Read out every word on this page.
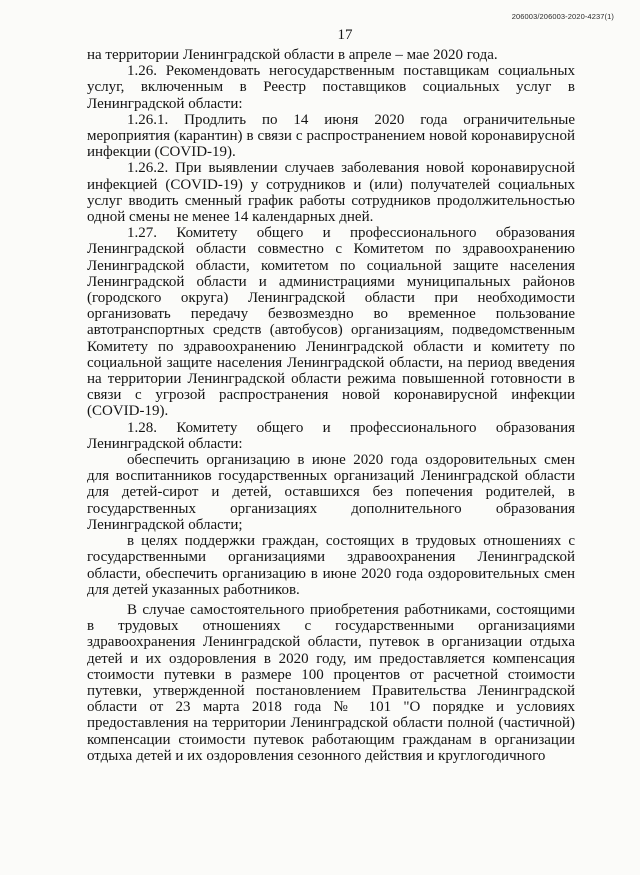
206003/206003-2020-4237(1)
17

на территории Ленинградской области в апреле – мае 2020 года.

1.26. Рекомендовать негосударственным поставщикам социальных услуг, включенным в Реестр поставщиков социальных услуг в Ленинградской области:

1.26.1. Продлить по 14 июня 2020 года ограничительные мероприятия (карантин) в связи с распространением новой коронавирусной инфекции (COVID-19).

1.26.2. При выявлении случаев заболевания новой коронавирусной инфекцией (COVID-19) у сотрудников и (или) получателей социальных услуг вводить сменный график работы сотрудников продолжительностью одной смены не менее 14 календарных дней.

1.27. Комитету общего и профессионального образования Ленинградской области совместно с Комитетом по здравоохранению Ленинградской области, комитетом по социальной защите населения Ленинградской области и администрациями муниципальных районов (городского округа) Ленинградской области при необходимости организовать передачу безвозмездно во временное пользование автотранспортных средств (автобусов) организациям, подведомственным Комитету по здравоохранению Ленинградской области и комитету по социальной защите населения Ленинградской области, на период введения на территории Ленинградской области режима повышенной готовности в связи с угрозой распространения новой коронавирусной инфекции (COVID-19).

1.28. Комитету общего и профессионального образования Ленинградской области:

обеспечить организацию в июне 2020 года оздоровительных смен для воспитанников государственных организаций Ленинградской области для детей-сирот и детей, оставшихся без попечения родителей, в государственных организациях дополнительного образования Ленинградской области;

в целях поддержки граждан, состоящих в трудовых отношениях с государственными организациями здравоохранения Ленинградской области, обеспечить организацию в июне 2020 года оздоровительных смен для детей указанных работников.

В случае самостоятельного приобретения работниками, состоящими в трудовых отношениях с государственными организациями здравоохранения Ленинградской области, путевок в организации отдыха детей и их оздоровления в 2020 году, им предоставляется компенсация стоимости путевки в размере 100 процентов от расчетной стоимости путевки, утвержденной постановлением Правительства Ленинградской области от 23 марта 2018 года № 101 "О порядке и условиях предоставления на территории Ленинградской области полной (частичной) компенсации стоимости путевок работающим гражданам в организации отдыха детей и их оздоровления сезонного действия и круглогодичного
